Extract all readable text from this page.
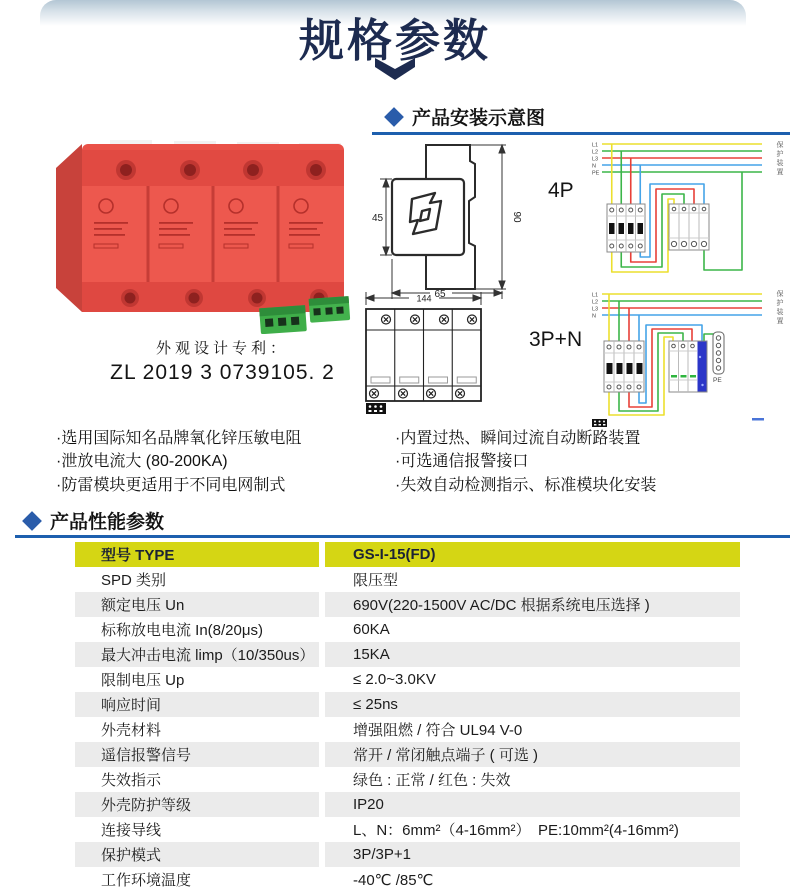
规格参数
外观设计专利：
ZL 2019 3 0739105. 2
产品安装示意图
45	90
65
4P
144
3P+N
L1
L2
L3
N
PE	保护装置
L1
L2
L3
N	保护装置
PE
·选用国际知名品牌氧化锌压敏电阻
·泄放电流大 (80-200KA)
·防雷模块更适用于不同电网制式
·内置过热、瞬间过流自动断路装置
·可选通信报警接口
·失效自动检测指示、标准模块化安装
产品性能参数
型号 TYPE	GS-I-15(FD)
SPD 类别	限压型
额定电压 Un	690V(220-1500V AC/DC 根据系统电压选择 )
标称放电电流 In(8/20μs)	60KA
最大冲击电流 limp（10/350us）	15KA
限制电压 Up	≤ 2.0~3.0KV
响应时间	≤ 25ns
外壳材料	增强阻燃 / 符合 UL94 V-0
遥信报警信号	常开 / 常闭触点端子 ( 可选 )
失效指示	绿色 : 正常 / 红色 : 失效
外壳防护等级	IP20
连接导线	L、N：6mm²（4-16mm²）　PE:10mm²(4-16mm²)
保护模式	3P/3P+1
工作环境温度	-40℃ /85℃
